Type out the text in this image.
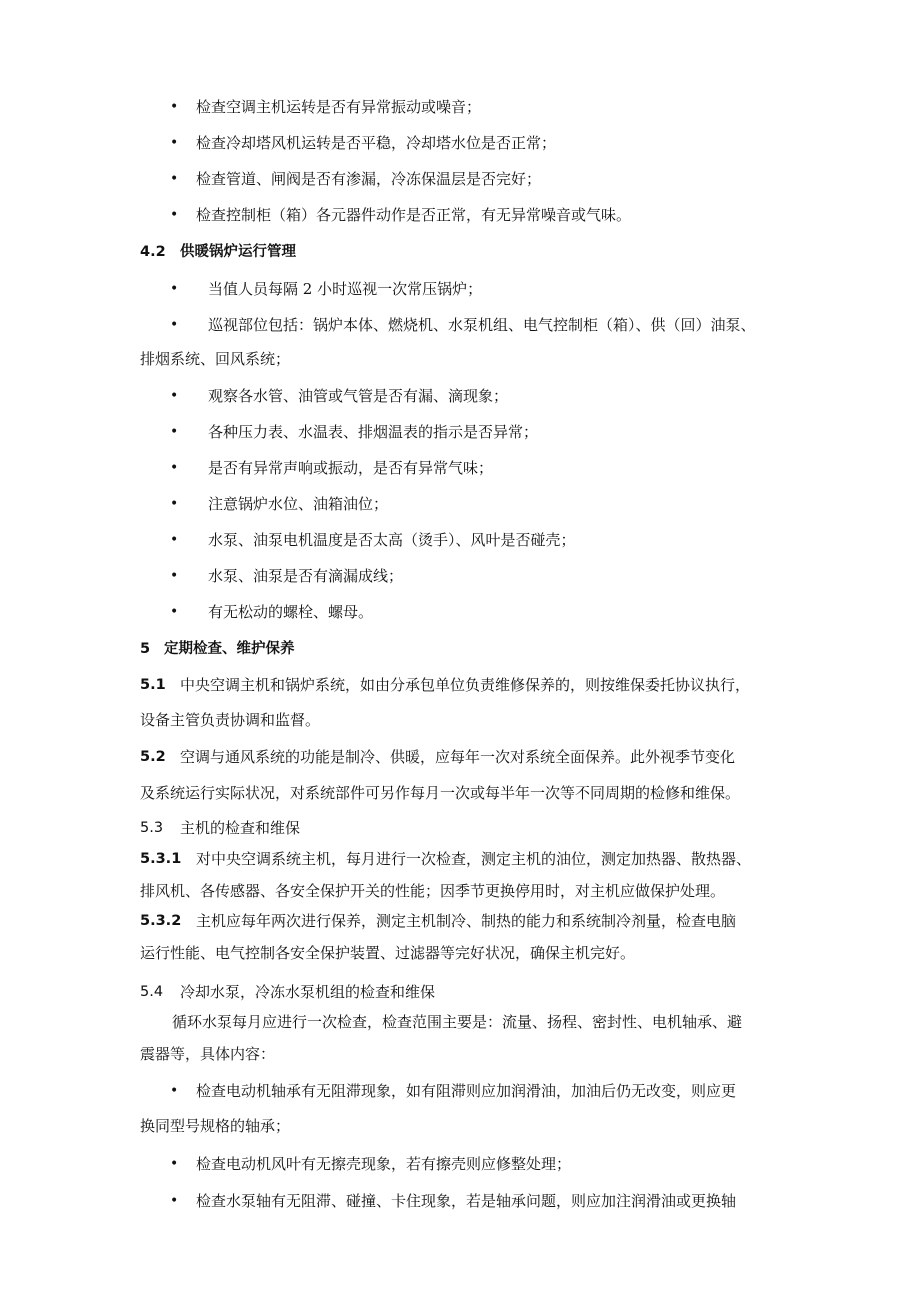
• 检查空调主机运转是否有异常振动或噪音；
• 检查冷却塔风机运转是否平稳，冷却塔水位是否正常；
• 检查管道、闸阀是否有渗漏，冷冻保温层是否完好；
• 检查控制柜（箱）各元器件动作是否正常，有无异常噪音或气味。
4.2 供暖锅炉运行管理
• 当值人员每隔 2 小时巡视一次常压锅炉；
• 巡视部位包括：锅炉本体、燃烧机、水泵机组、电气控制柜（箱）、供（回）油泵、
排烟系统、回风系统；
• 观察各水管、油管或气管是否有漏、滴现象；
• 各种压力表、水温表、排烟温表的指示是否异常；
• 是否有异常声响或振动，是否有异常气味；
• 注意锅炉水位、油箱油位；
• 水泵、油泵电机温度是否太高（烫手）、风叶是否碰壳；
• 水泵、油泵是否有滴漏成线；
• 有无松动的螺栓、螺母。
5 定期检查、维护保养
5.1 中央空调主机和锅炉系统，如由分承包单位负责维修保养的，则按维保委托协议执行，
设备主管负责协调和监督。
5.2 空调与通风系统的功能是制冷、供暖，应每年一次对系统全面保养。此外视季节变化
及系统运行实际状况，对系统部件可另作每月一次或每半年一次等不同周期的检修和维保。
5.3 主机的检查和维保
5.3.1 对中央空调系统主机，每月进行一次检查，测定主机的油位，测定加热器、散热器、
排风机、各传感器、各安全保护开关的性能；因季节更换停用时，对主机应做保护处理。
5.3.2 主机应每年两次进行保养，测定主机制冷、制热的能力和系统制冷剂量，检查电脑
运行性能、电气控制各安全保护装置、过滤器等完好状况，确保主机完好。
5.4 冷却水泵，冷冻水泵机组的检查和维保
循环水泵每月应进行一次检查，检查范围主要是：流量、扬程、密封性、电机轴承、避
震器等，具体内容：
• 检查电动机轴承有无阻滞现象，如有阻滞则应加润滑油，加油后仍无改变，则应更
换同型号规格的轴承；
• 检查电动机风叶有无擦壳现象，若有擦壳则应修整处理；
• 检查水泵轴有无阻滞、碰撞、卡住现象，若是轴承问题，则应加注润滑油或更换轴
